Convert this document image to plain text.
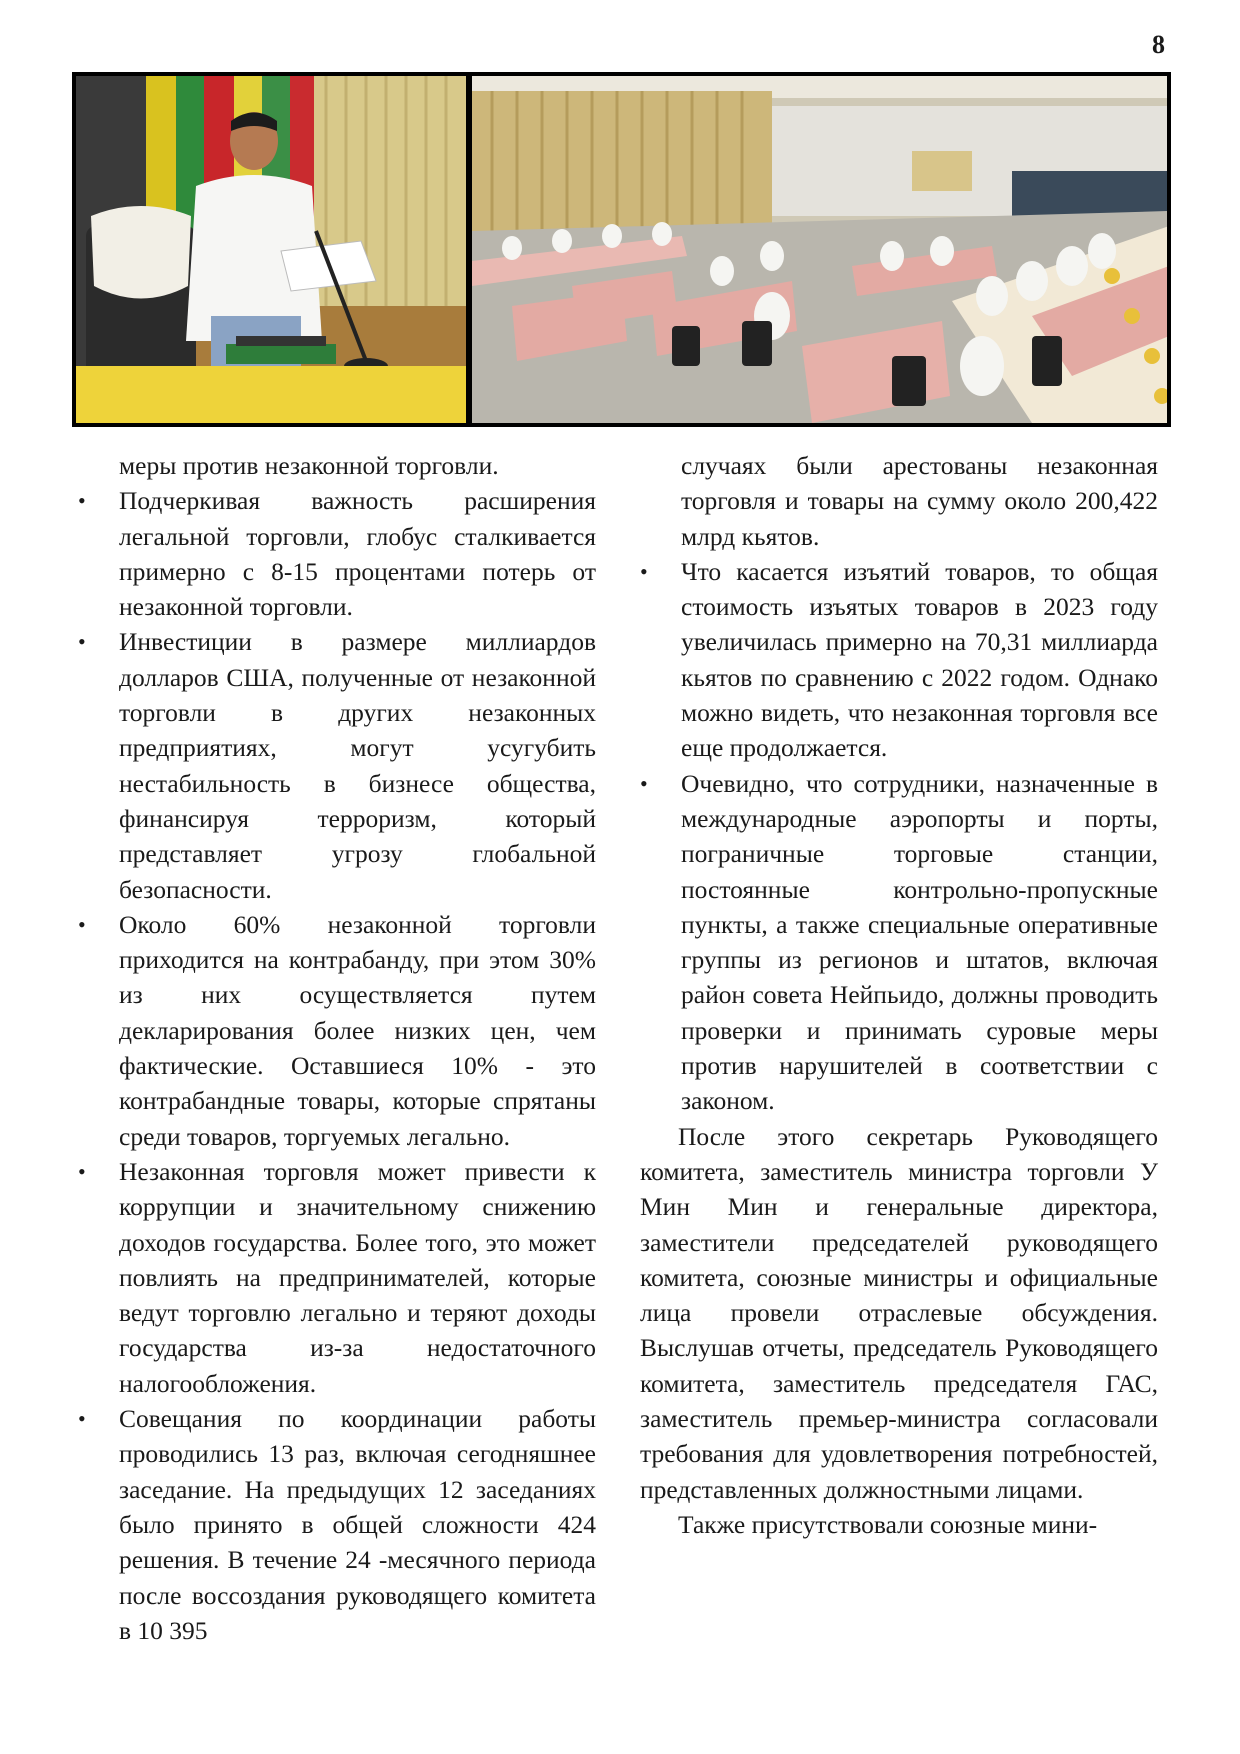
8

меры против незаконной торговли.

• Подчеркивая важность расширения легальной торговли, глобус сталкивается примерно с 8-15 процентами потерь от незаконной торговли.
• Инвестиции в размере миллиардов долларов США, полученные от незаконной торговли в других незаконных предприятиях, могут усугубить нестабильность в бизнесе общества, финансируя терроризм, который представляет угрозу глобальной безопасности.
• Около 60% незаконной торговли приходится на контрабанду, при этом 30% из них осуществляется путем декларирования более низких цен, чем фактические. Оставшиеся 10% - это контрабандные товары, которые спрятаны среди товаров, торгуемых легально.
• Незаконная торговля может привести к коррупции и значительному снижению доходов государства. Более того, это может повлиять на предпринимателей, которые ведут торговлю легально и теряют доходы государства из-за недостаточного налогообложения.
• Совещания по координации работы проводились 13 раз, включая сегодняшнее заседание. На предыдущих 12 заседаниях было принято в общей сложности 424 решения. В течение 24 -месячного периода после воссоздания руководящего комитета в 10 395

случаях были арестованы незаконная торговля и товары на сумму около 200,422 млрд кьятов.

• Что касается изъятий товаров, то общая стоимость изъятых товаров в 2023 году увеличилась примерно на 70,31 миллиарда кьятов по сравнению с 2022 годом. Однако можно видеть, что незаконная торговля все еще продолжается.
• Очевидно, что сотрудники, назначенные в международные аэропорты и порты, пограничные торговые станции, постоянные контрольно-пропускные пункты, а также специальные оперативные группы из регионов и штатов, включая район совета Нейпьидо, должны проводить проверки и принимать суровые меры против нарушителей в соответствии с законом.

После этого секретарь Руководящего комитета, заместитель министра торговли У Мин Мин и генеральные директора, заместители председателей руководящего комитета, союзные министры и официальные лица провели отраслевые обсуждения. Выслушав отчеты, председатель Руководящего комитета, заместитель председателя ГАС, заместитель премьер-министра согласовали требования для удовлетворения потребностей, представленных должностными лицами.

Также присутствовали союзные мини-
